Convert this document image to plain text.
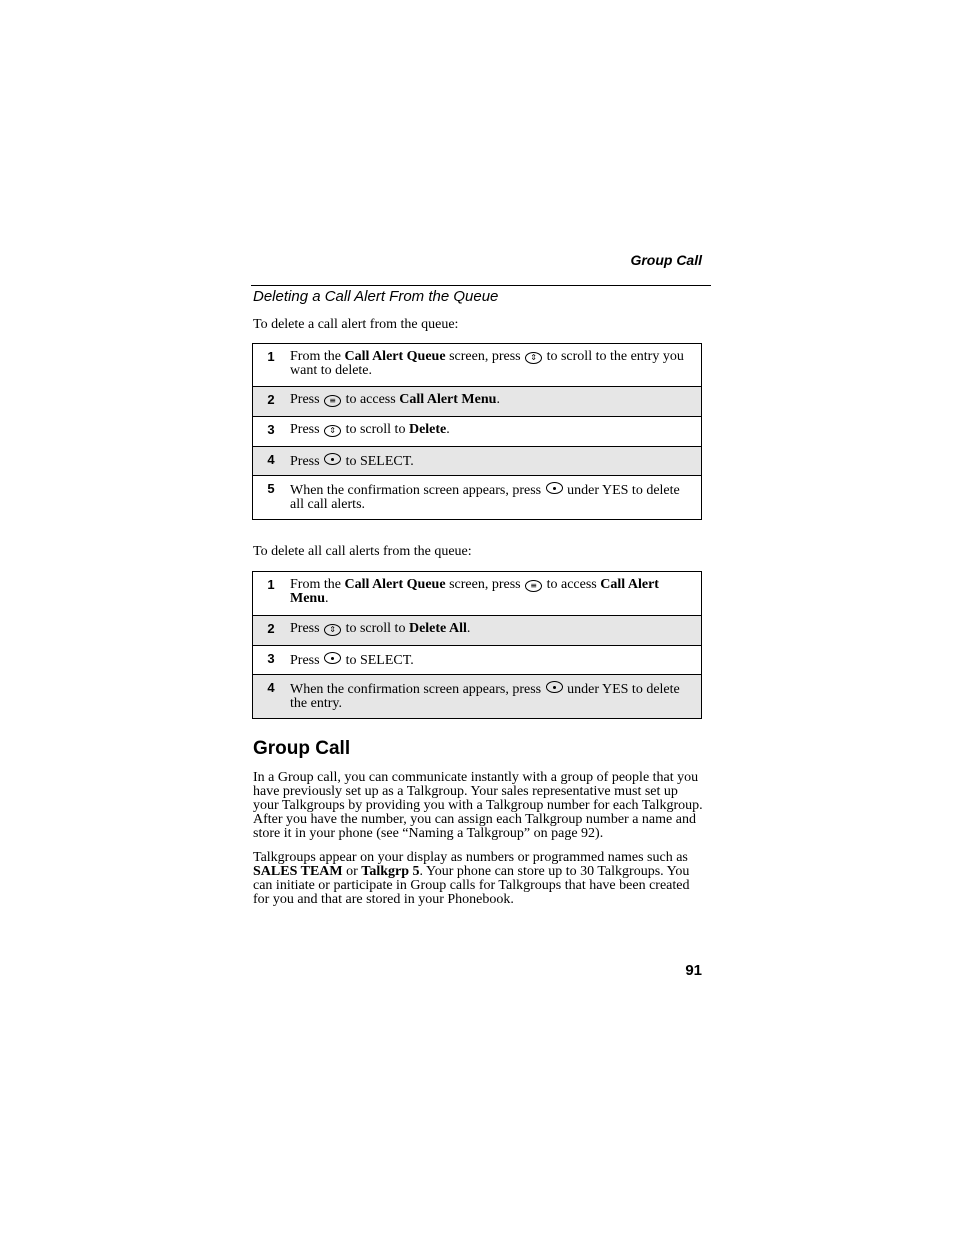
Group Call
Deleting a Call Alert From the Queue
To delete a call alert from the queue:
1	From the Call Alert Queue screen, press ⇕ to scroll to the entry you want to delete.
2	Press ≡ to access Call Alert Menu.
3	Press ⇕ to scroll to Delete.
4	Press  to SELECT.
5	When the confirmation screen appears, press  under YES to delete all call alerts.
To delete all call alerts from the queue:
1	From the Call Alert Queue screen, press ≡ to access Call Alert Menu.
2	Press ⇕ to scroll to Delete All.
3	Press  to SELECT.
4	When the confirmation screen appears, press  under YES to delete the entry.
Group Call

In a Group call, you can communicate instantly with a group of people that you have previously set up as a Talkgroup. Your sales representative must set up your Talkgroups by providing you with a Talkgroup number for each Talkgroup. After you have the number, you can assign each Talkgroup number a name and store it in your phone (see “Naming a Talkgroup” on page 92).

Talkgroups appear on your display as numbers or programmed names such as SALES TEAM or Talkgrp 5. Your phone can store up to 30 Talkgroups. You can initiate or participate in Group calls for Talkgroups that have been created for you and that are stored in your Phonebook.

91
